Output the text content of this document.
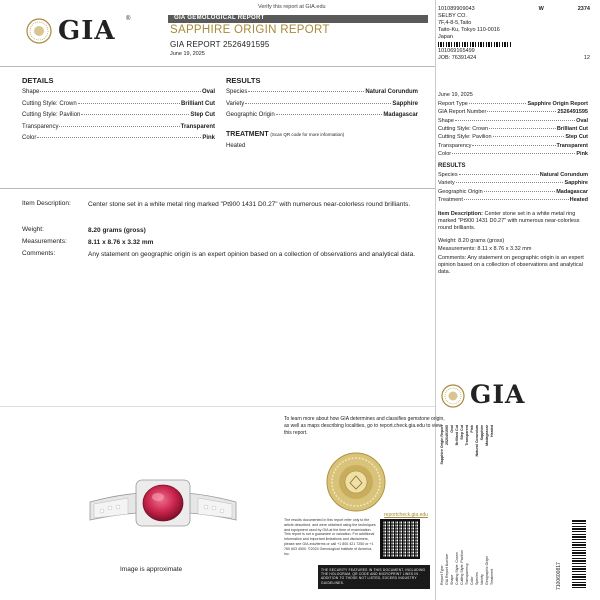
GIA ®
Verify this report at GIA.edu
GIA GEMOLOGICAL REPORT
SAPPHIRE ORIGIN REPORT
GIA REPORT 2526491595
June 19, 2025
101089909043	W	2374
SELBY CO.
7F,4-8-5,Taito
Taito-Ku, Tokyo 110-0016
Japan
101069165499
JOB: 76391424	12
DETAILS
Shape	Oval
Cutting Style: Crown	Brilliant Cut
Cutting Style: Pavilion	Step Cut
Transparency	Transparent
Color	Pink
RESULTS
Species	Natural Corundum
Variety	Sapphire
Geographic Origin	Madagascar
TREATMENT (Scan QR code for more information)
Heated
Item Description:	Center stone set in a white metal ring marked "Pt900 1431 D0.27" with numerous near-colorless round brilliants.
Weight:	8.20 grams (gross)
Measurements:	8.11 x 8.76 x 3.32 mm
Comments:	Any statement on geographic origin is an expert opinion based on a collection of observations and analytical data.
June 19, 2025
Report Type	Sapphire Origin Report
GIA Report Number	2526491595
Shape	Oval
Cutting Style: Crown	Brilliant Cut
Cutting Style: Pavilion	Step Cut
Transparency	Transparent
Color	Pink
RESULTS
Species	Natural Corundum
Variety	Sapphire
Geographic Origin	Madagascar
Treatment	Heated
Item Description: Center stone set in a white metal ring marked "Pt900 1431 D0.27" with numerous near-colorless round brilliants.
Weight: 8.20 grams (gross)
Measurements: 8.11 x 8.76 x 3.32 mm
Comments: Any statement on geographic origin is an expert opinion based on a collection of observations and analytical data.
GIA
Image is approximate
To learn more about how GIA determines and classifies gemstone origin, as well as maps describing localities, go to report.check.gia.edu to view this report.
reportcheck.gia.edu
The results documented in this report refer only to the article described, and were obtained using the techniques and equipment used by GIA at the time of examination. This report is not a guarantee or valuation. For additional information and important limitations and disclaimers, please see GIA.edu/terms or call +1 800 421 7250 or +1 760 603 4500. ©2024 Gemological Institute of America, Inc.
THE SECURITY FEATURES IN THIS DOCUMENT, INCLUDING THE HOLOGRAM, QR CODE AND MICROPRINT LINES IN ADDITION TO THOSE NOT LISTED, EXCEED INDUSTRY GUIDELINES.	Report Type
Sapphire Origin Report
GIA Report Number
2526491595
Shape
Oval
Cutting Style: Crown
Brilliant Cut
Cutting Style: Pavilion
Step Cut
Transparency
Transparent
Color
Pink
Species
Natural Corundum
Variety
Sapphire
Geographic Origin
Madagascar
Treatment
Heated
7100600817
